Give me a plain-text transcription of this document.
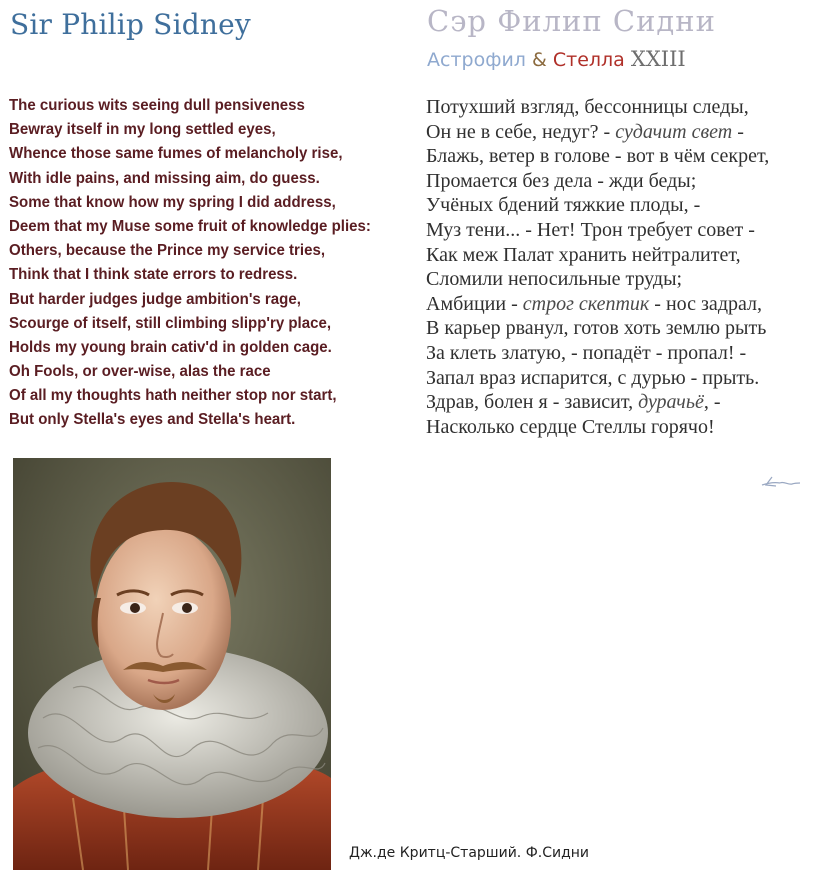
Sir Philip Sidney	Сэр Филип Сидни
Астрофил & Стелла XXIII
The curious wits seeing dull pensiveness
Bewray itself in my long settled eyes,
Whence those same fumes of melancholy rise,
With idle pains, and missing aim, do guess.
Some that know how my spring I did address,
Deem that my Muse some fruit of knowledge plies:
Others, because the Prince my service tries,
Think that I think state errors to redress.
But harder judges judge ambition's rage,
Scourge of itself, still climbing slipp'ry place,
Holds my young brain cativ'd in golden cage.
Oh Fools, or over-wise, alas the race
Of all my thoughts hath neither stop nor start,
But only Stella's eyes and Stella's heart.
Потухший взгляд, бессонницы следы,
Он не в себе, недуг? - судачит свет -
Блажь, ветер в голове - вот в чём секрет,
Промается без дела - жди беды;
Учёных бдений тяжкие плоды, -
Муз тени... - Нет! Трон требует совет -
Как меж Палат хранить нейтралитет,
Сломили непосильные труды;
Амбиции - строг скептик - нос задрал,
В карьер рванул, готов хоть землю рыть
За клеть златую, - попадёт - пропал! -
Запал враз испарится, с дурью - прыть.
Здрав, болен я - зависит, дурачьё, -
Насколько сердце Стеллы горячо!
Дж.де Критц-Старший. Ф.Сидни
